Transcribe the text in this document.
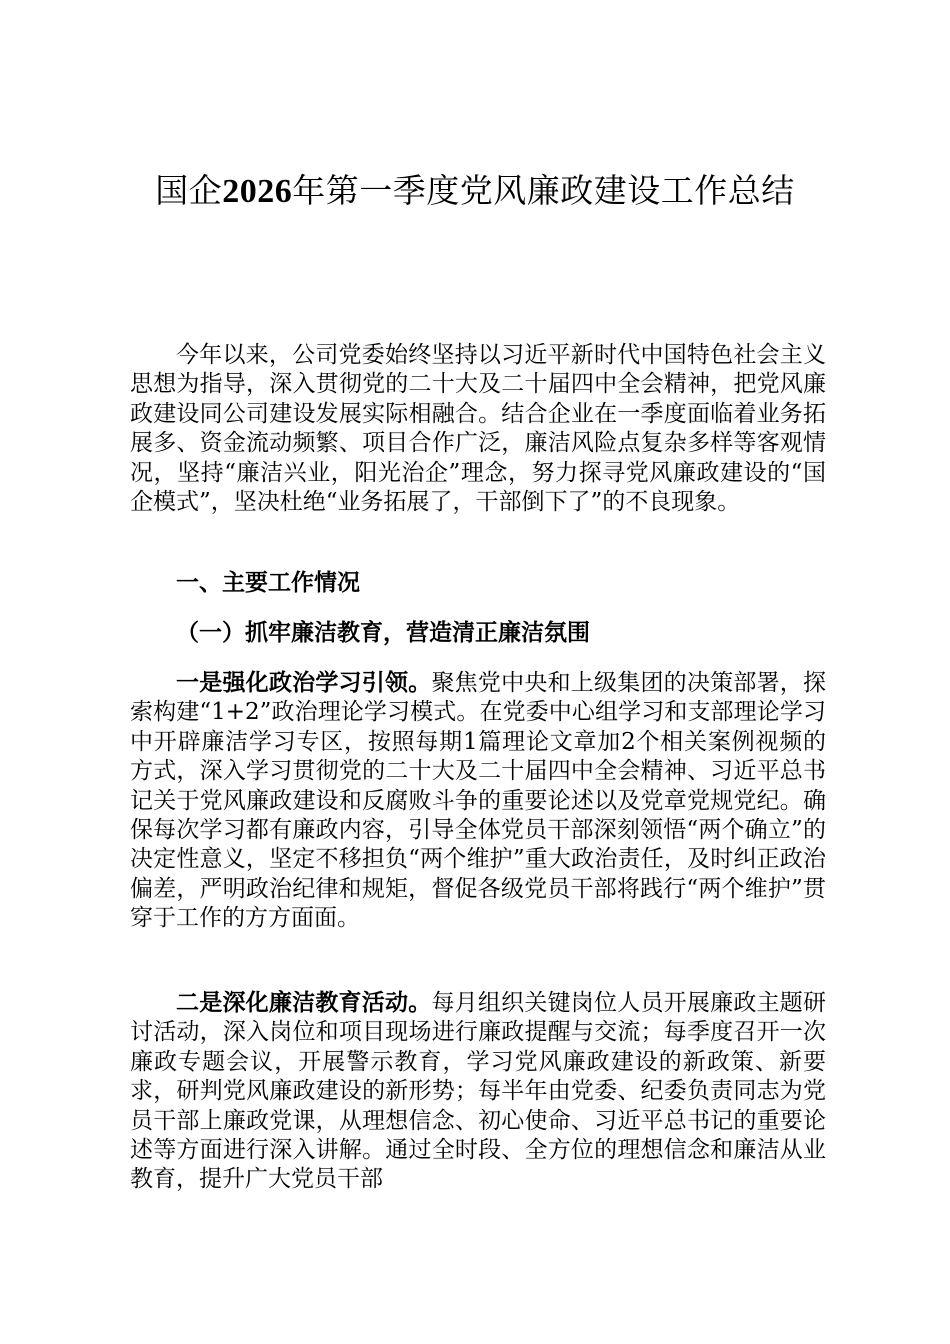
国企2026年第一季度党风廉政建设工作总结

今年以来，公司党委始终坚持以习近平新时代中国特色社会主义思想为指导，深入贯彻党的二十大及二十届四中全会精神，把党风廉政建设同公司建设发展实际相融合。结合企业在一季度面临着业务拓展多、资金流动频繁、项目合作广泛，廉洁风险点复杂多样等客观情况，坚持“廉洁兴业，阳光治企”理念，努力探寻党风廉政建设的“国企模式”，坚决杜绝“业务拓展了，干部倒下了”的不良现象。

一、主要工作情况
（一）抓牢廉洁教育，营造清正廉洁氛围

一是强化政治学习引领。聚焦党中央和上级集团的决策部署，探索构建“1+2”政治理论学习模式。在党委中心组学习和支部理论学习中开辟廉洁学习专区，按照每期1篇理论文章加2个相关案例视频的方式，深入学习贯彻党的二十大及二十届四中全会精神、习近平总书记关于党风廉政建设和反腐败斗争的重要论述以及党章党规党纪。确保每次学习都有廉政内容，引导全体党员干部深刻领悟“两个确立”的决定性意义，坚定不移担负“两个维护”重大政治责任，及时纠正政治偏差，严明政治纪律和规矩，督促各级党员干部将践行“两个维护”贯穿于工作的方方面面。

二是深化廉洁教育活动。每月组织关键岗位人员开展廉政主题研讨活动，深入岗位和项目现场进行廉政提醒与交流；每季度召开一次廉政专题会议，开展警示教育，学习党风廉政建设的新政策、新要求，研判党风廉政建设的新形势；每半年由党委、纪委负责同志为党员干部上廉政党课，从理想信念、初心使命、习近平总书记的重要论述等方面进行深入讲解。通过全时段、全方位的理想信念和廉洁从业教育，提升广大党员干部
